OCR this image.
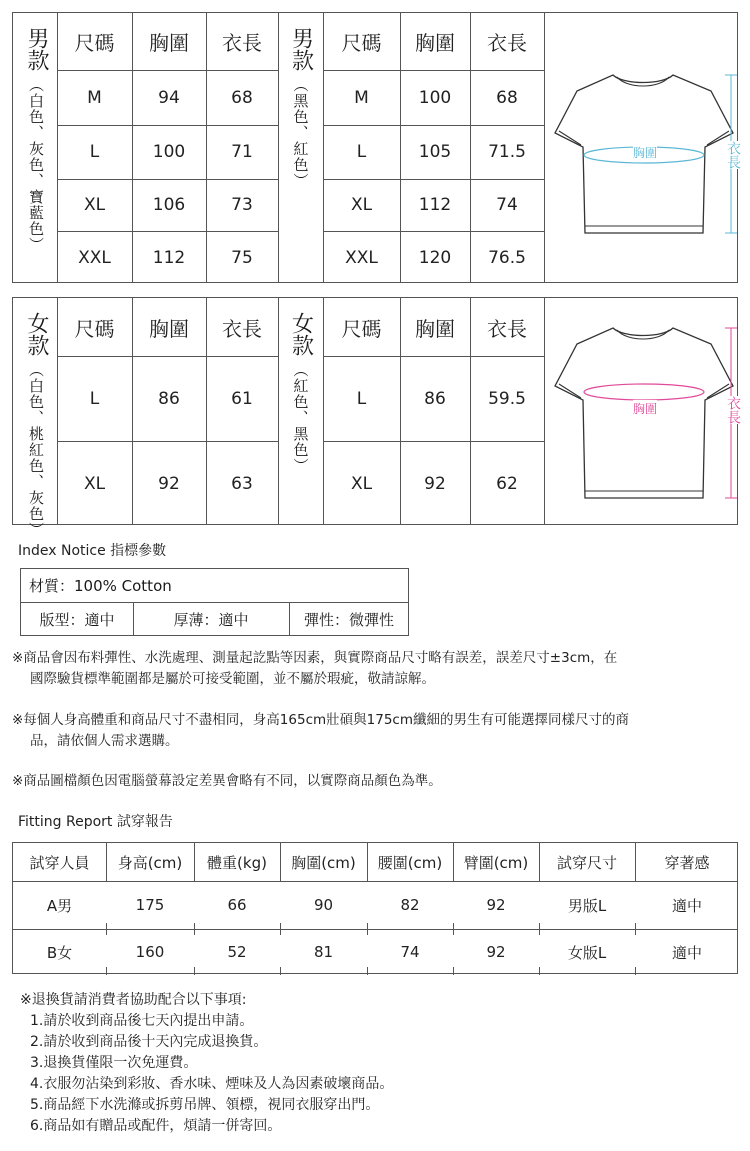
男款
（白色、灰色、寶藍色）
男款
（黑色、紅色）
尺碼	胸圍	衣長
M	94	68
L	100	71
XL	106	73
XXL	112	75
尺碼	胸圍	衣長
M	100	68
L	105	71.5
XL	112	74
XXL	120	76.5
胸圍	衣長
女款
（白色、桃紅色、灰色）
女款
（紅色、黑色）
尺碼	胸圍	衣長
L	86	61
XL	92	63
尺碼	胸圍	衣長
L	86	59.5
XL	92	62
胸圍	衣長
Index Notice 指標參數
材質：100% Cotton
版型：適中	厚薄：適中	彈性：微彈性
※商品會因布料彈性、水洗處理、測量起訖點等因素，與實際商品尺寸略有誤差，誤差尺寸±3cm，在
國際驗貨標準範圍都是屬於可接受範圍，並不屬於瑕疵，敬請諒解。
※每個人身高體重和商品尺寸不盡相同，身高165cm壯碩與175cm纖細的男生有可能選擇同樣尺寸的商
品，請依個人需求選購。
※商品圖檔顏色因電腦螢幕設定差異會略有不同，以實際商品顏色為準。
Fitting Report 試穿報告
試穿人員	身高(cm)	體重(kg)	胸圍(cm)	腰圍(cm)	臂圍(cm)	試穿尺寸	穿著感
A男	175	66	90	82	92	男版L	適中
B女	160	52	81	74	92	女版L	適中
※退換貨請消費者協助配合以下事項:
1.請於收到商品後七天內提出申請。
2.請於收到商品後十天內完成退換貨。
3.退換貨僅限一次免運費。
4.衣服勿沾染到彩妝、香水味、煙味及人為因素破壞商品。
5.商品經下水洗滌或拆剪吊牌、領標，視同衣服穿出門。
6.商品如有贈品或配件，煩請一併寄回。
